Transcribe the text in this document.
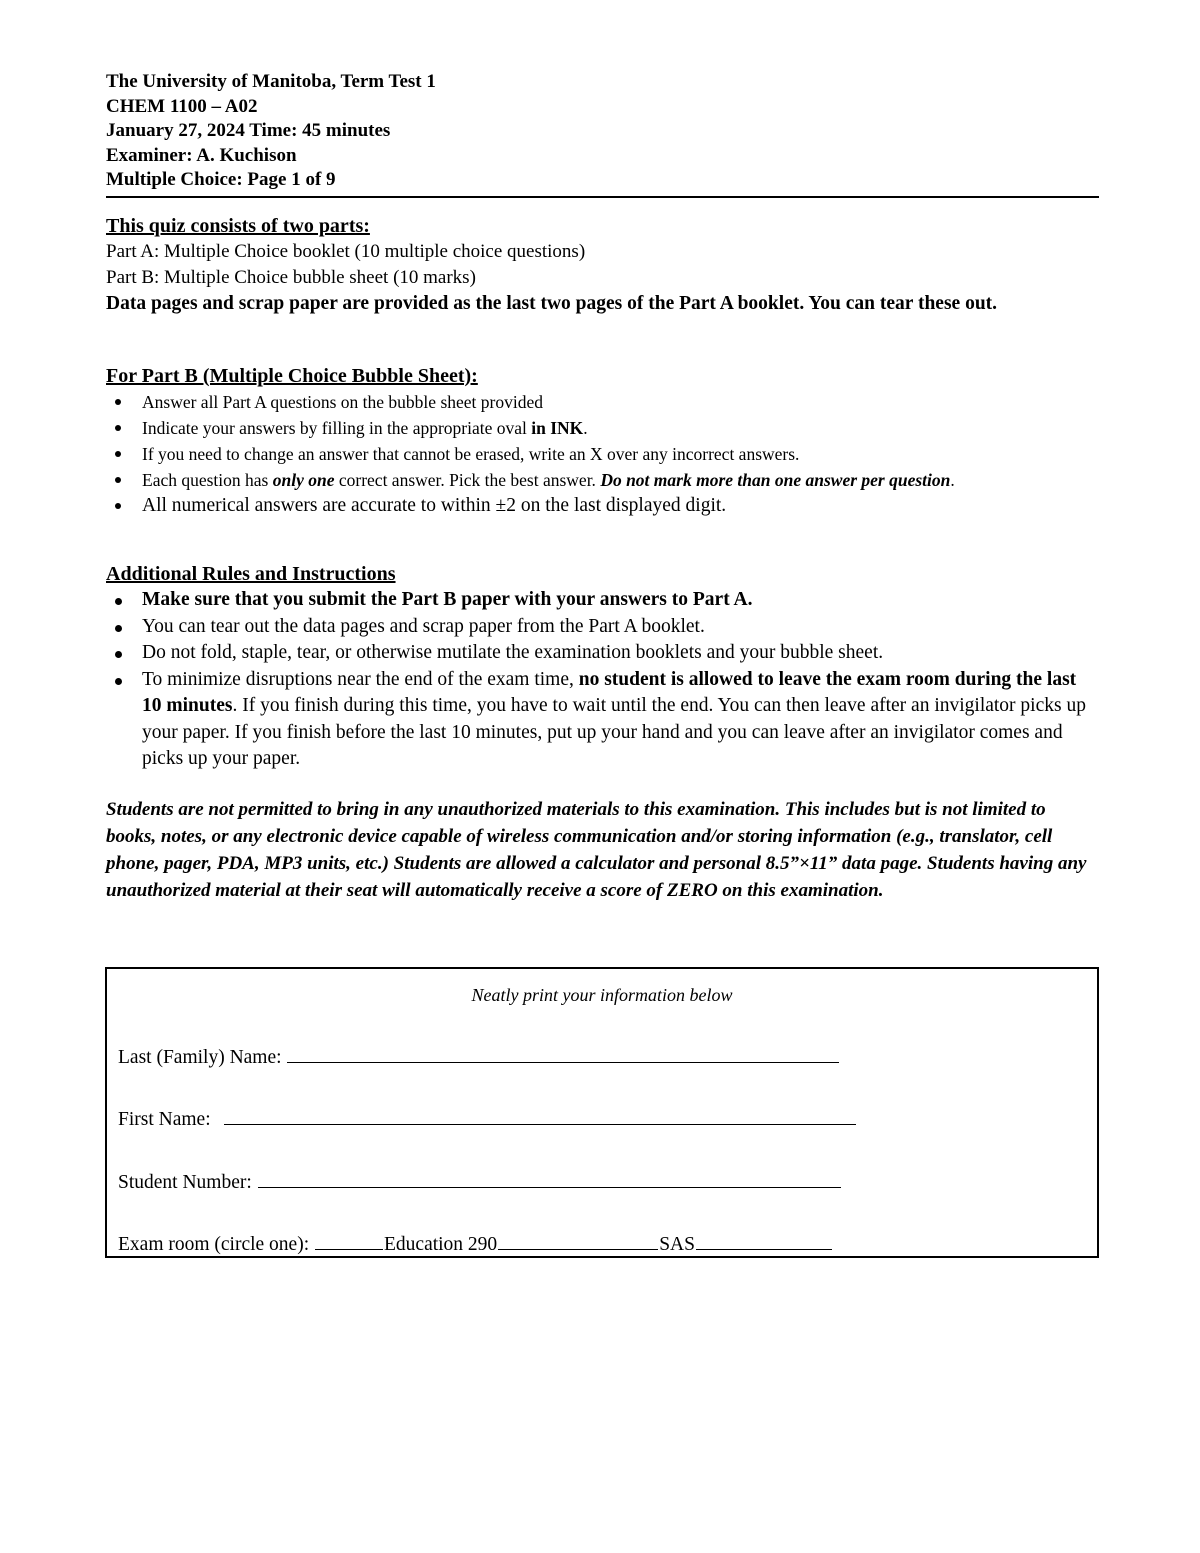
The University of Manitoba, Term Test 1
CHEM 1100 – A02
January 27, 2024 Time: 45 minutes
Examiner: A. Kuchison
Multiple Choice: Page 1 of 9
This quiz consists of two parts:
Part A: Multiple Choice booklet (10 multiple choice questions)
Part B: Multiple Choice bubble sheet (10 marks)
Data pages and scrap paper are provided as the last two pages of the Part A booklet. You can tear these out.
For Part B (Multiple Choice Bubble Sheet):
Answer all Part A questions on the bubble sheet provided
Indicate your answers by filling in the appropriate oval in INK.
If you need to change an answer that cannot be erased, write an X over any incorrect answers.
Each question has only one correct answer. Pick the best answer. Do not mark more than one answer per question.
All numerical answers are accurate to within ±2 on the last displayed digit.
Additional Rules and Instructions
Make sure that you submit the Part B paper with your answers to Part A.
You can tear out the data pages and scrap paper from the Part A booklet.
Do not fold, staple, tear, or otherwise mutilate the examination booklets and your bubble sheet.
To minimize disruptions near the end of the exam time, no student is allowed to leave the exam room during the last 10 minutes. If you finish during this time, you have to wait until the end. You can then leave after an invigilator picks up your paper. If you finish before the last 10 minutes, put up your hand and you can leave after an invigilator comes and picks up your paper.
Students are not permitted to bring in any unauthorized materials to this examination. This includes but is not limited to books, notes, or any electronic device capable of wireless communication and/or storing information (e.g., translator, cell phone, pager, PDA, MP3 units, etc.) Students are allowed a calculator and personal 8.5”×11” data page. Students having any unauthorized material at their seat will automatically receive a score of ZERO on this examination.
Neatly print your information below
Last (Family) Name:
First Name:
Student Number:
Exam room (circle one):	Education 290	SAS
